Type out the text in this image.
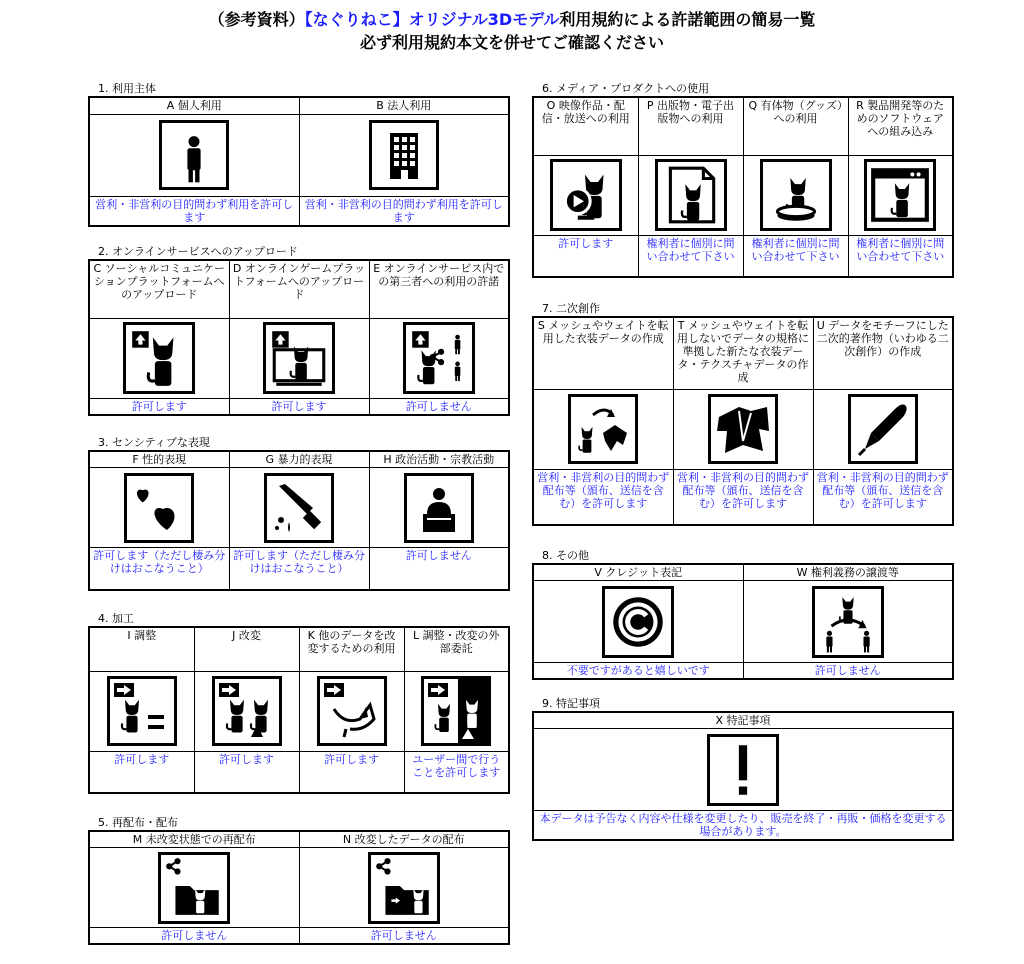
（参考資料）【なぐりねこ】オリジナル3Dモデル利用規約による許諾範囲の簡易一覧
必ず利用規約本文を併せてご確認ください
1. 利用主体
A 個人利用	B 法人利用

営利・非営利の目的問わず利用を許可します	営利・非営利の目的問わず利用を許可します
2. オンラインサービスへのアップロード
C ソーシャルコミュニケーションプラットフォームへのアップロード	D オンラインゲームプラットフォームへのアップロード	E オンラインサービス内での第三者への利用の許諾

許可します	許可します	許可しません
3. センシティブな表現
F 性的表現	G 暴力的表現	H 政治活動・宗教活動

許可します（ただし棲み分けはおこなうこと）	許可します（ただし棲み分けはおこなうこと）	許可しません
4. 加工
I 調整	J 改変	K 他のデータを改変するための利用	L 調整・改変の外部委託

許可します	許可します	許可します	ユーザー間で行うことを許可します
5. 再配布・配布
M 未改変状態での再配布	N 改変したデータの配布

許可しません	許可しません
6. メディア・プロダクトへの使用
O 映像作品・配信・放送への利用	P 出版物・電子出版物への利用	Q 有体物（グッズ）への利用	R 製品開発等のためのソフトウェアへの組み込み

許可します	権利者に個別に問い合わせて下さい	権利者に個別に問い合わせて下さい	権利者に個別に問い合わせて下さい
7. 二次創作
S メッシュやウェイトを転用した衣装データの作成	T メッシュやウェイトを転用しないでデータの規格に準拠した新たな衣装データ・テクスチャデータの作成	U データをモチーフにした二次的著作物（いわゆる二次創作）の作成

営利・非営利の目的問わず配布等（頒布、送信を含む）を許可します	営利・非営利の目的問わず配布等（頒布、送信を含む）を許可します	営利・非営利の目的問わず配布等（頒布、送信を含む）を許可します
8. その他
V クレジット表記	W 権利義務の譲渡等

不要ですがあると嬉しいです	許可しません
9. 特記事項
X 特記事項

本データは予告なく内容や仕様を変更したり、販売を終了・再販・価格を変更する場合があります。
